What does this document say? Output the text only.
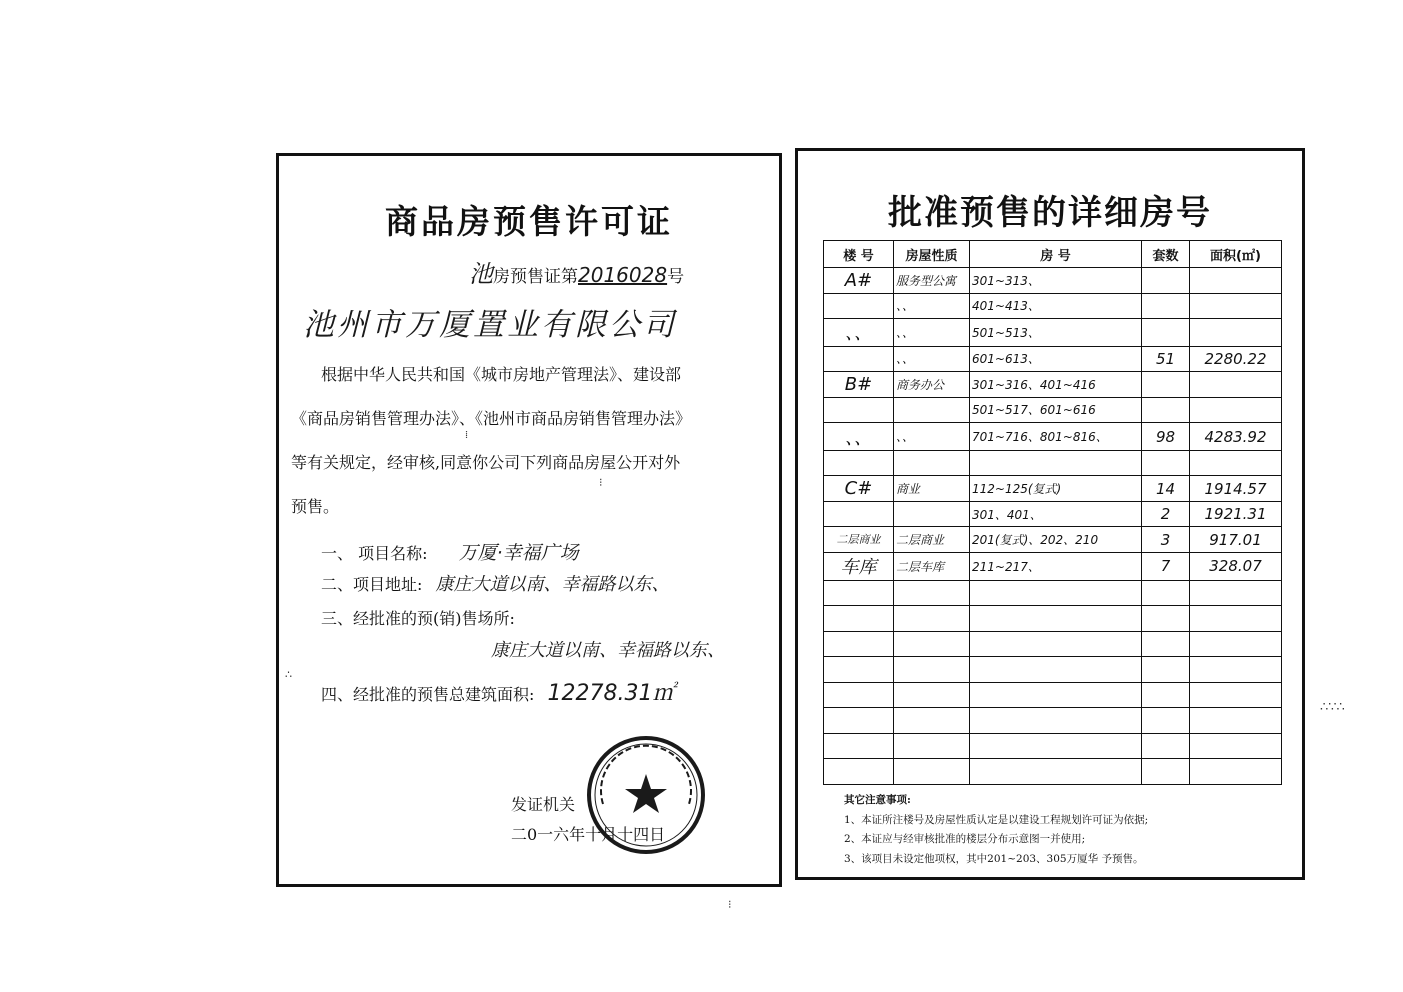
商品房预售许可证
池房预售证第2016028号
池州市万厦置业有限公司
根据中华人民共和国《城市房地产管理法》、建设部
《商品房销售管理办法》、《池州市商品房销售管理办法》
等有关规定，经审核,同意你公司下列商品房屋公开对外
预售。
一、 项目名称: 万厦·幸福广场
二、项目地址: 康庄大道以南、幸福路以东、
三、经批准的预(销)售场所:
康庄大道以南、幸福路以东、
四、经批准的预售总建筑面积: 12278.31㎡
发证机关
二0一六年十月十四日
∴
⁞
⁝
批准预售的详细房号
楼 号	房屋性质	房 号	套数	面积(㎡)
A#	服务型公寓	301~313、		
	、、	401~413、		
、、	、、	501~513、		
	、、	601~613、	51	2280.22
B#	商务办公	301~316、401~416		
		501~517、601~616		
、、	、、	701~716、801~816、	98	4283.92

C#	商业	112~125(复式)	14	1914.57
		301、401、	2	1921.31
二层商业	二层商业	201(复式)、202、210	3	917.01
车库	二层车库	211~217、	7	328.07

其它注意事项:
1、本证所注楼号及房屋性质认定是以建设工程规划许可证为依据;
2、本证应与经审核批准的楼层分布示意图一并使用;
3、该项目未设定他项权，其中201~203、305万厦华 予预售。
⁝
∴∵∴
